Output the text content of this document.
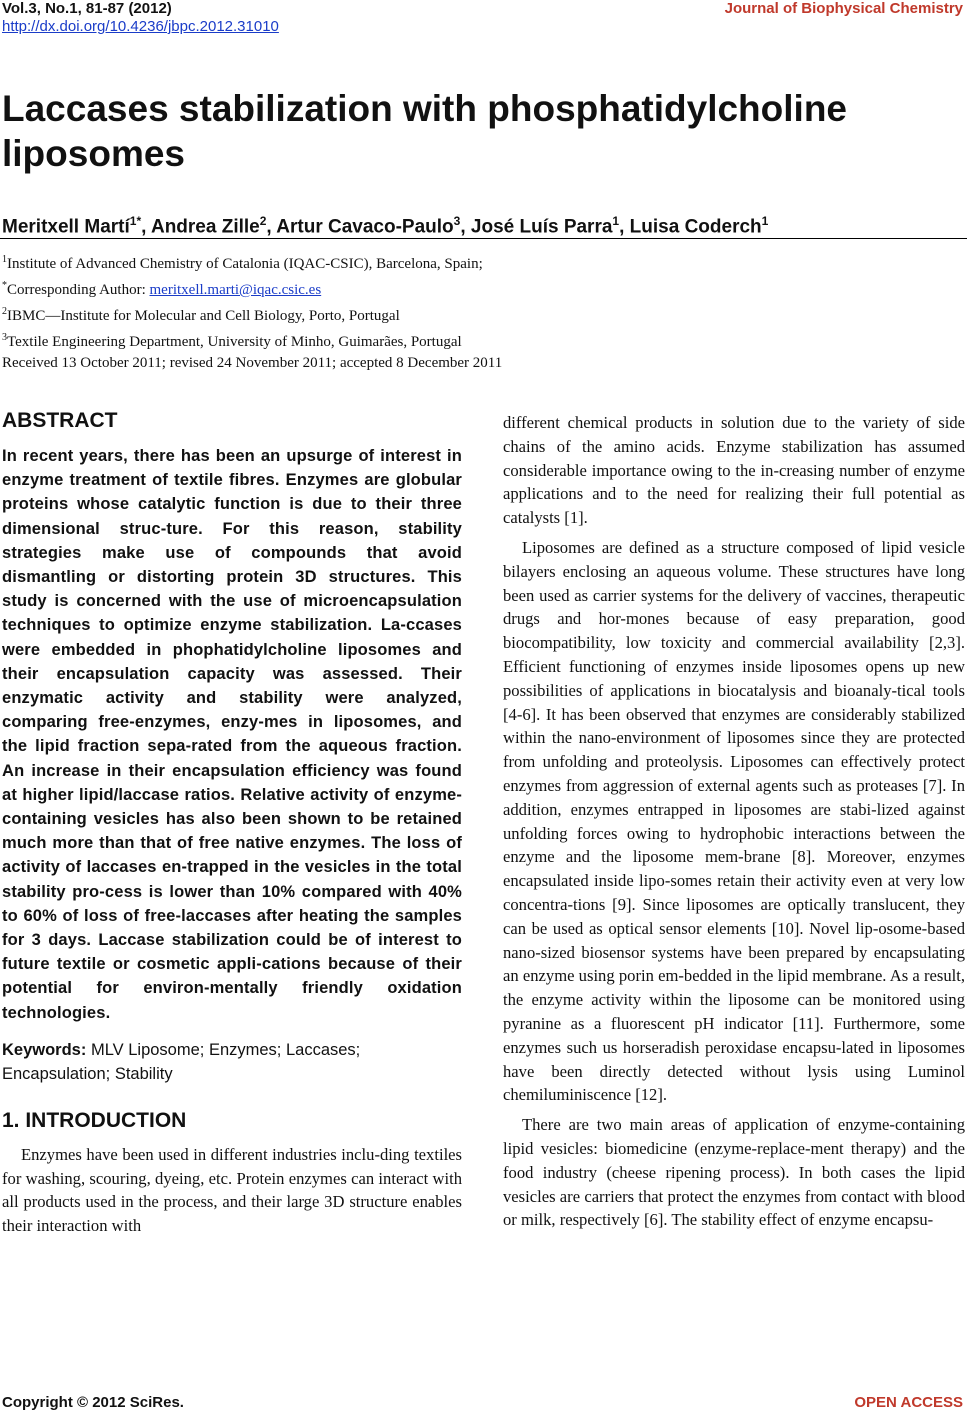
Vol.3, No.1, 81-87 (2012)
http://dx.doi.org/10.4236/jbpc.2012.31010
Journal of Biophysical Chemistry
Laccases stabilization with phosphatidylcholine liposomes
Meritxell Martí$^{1*}$, Andrea Zille$^2$, Artur Cavaco-Paulo$^3$, José Luís Parra$^1$, Luisa Coderch$^1$
$^1$Institute of Advanced Chemistry of Catalonia (IQAC-CSIC), Barcelona, Spain;
*Corresponding Author: meritxell.marti@iqac.csic.es
$^2$IBMC—Institute for Molecular and Cell Biology, Porto, Portugal
$^3$Textile Engineering Department, University of Minho, Guimarães, Portugal
Received 13 October 2011; revised 24 November 2011; accepted 8 December 2011
ABSTRACT

In recent years, there has been an upsurge of interest in enzyme treatment of textile fibres. Enzymes are globular proteins whose catalytic function is due to their three dimensional struc-ture. For this reason, stability strategies make use of compounds that avoid dismantling or distorting protein 3D structures. This study is concerned with the use of microencapsulation techniques to optimize enzyme stabilization. La-ccases were embedded in phophatidylcholine liposomes and their encapsulation capacity was assessed. Their enzymatic activity and stability were analyzed, comparing free-enzymes, enzy-mes in liposomes, and the lipid fraction sepa-rated from the aqueous fraction. An increase in their encapsulation efficiency was found at higher lipid/laccase ratios. Relative activity of enzyme-containing vesicles has also been shown to be retained much more than that of free native enzymes. The loss of activity of laccases en-trapped in the vesicles in the total stability pro-cess is lower than 10% compared with 40% to 60% of loss of free-laccases after heating the samples for 3 days. Laccase stabilization could be of interest to future textile or cosmetic appli-cations because of their potential for environ-mentally friendly oxidation technologies.

Keywords: MLV Liposome; Enzymes; Laccases; Encapsulation; Stability

1. INTRODUCTION

Enzymes have been used in different industries inclu-ding textiles for washing, scouring, dyeing, etc. Protein enzymes can interact with all products used in the process, and their large 3D structure enables their interaction with

different chemical products in solution due to the variety of side chains of the amino acids. Enzyme stabilization has assumed considerable importance owing to the in-creasing number of enzyme applications and to the need for realizing their full potential as catalysts [1].

Liposomes are defined as a structure composed of lipid vesicle bilayers enclosing an aqueous volume. These structures have long been used as carrier systems for the delivery of vaccines, therapeutic drugs and hor-mones because of easy preparation, good biocompatibility, low toxicity and commercial availability [2,3]. Efficient functioning of enzymes inside liposomes opens up new possibilities of applications in biocatalysis and bioanaly-tical tools [4-6]. It has been observed that enzymes are considerably stabilized within the nano-environment of liposomes since they are protected from unfolding and proteolysis. Liposomes can effectively protect enzymes from aggression of external agents such as proteases [7]. In addition, enzymes entrapped in liposomes are stabi-lized against unfolding forces owing to hydrophobic interactions between the enzyme and the liposome mem-brane [8]. Moreover, enzymes encapsulated inside lipo-somes retain their activity even at very low concentra-tions [9]. Since liposomes are optically translucent, they can be used as optical sensor elements [10]. Novel lip-osome-based nano-sized biosensor systems have been prepared by encapsulating an enzyme using porin em-bedded in the lipid membrane. As a result, the enzyme activity within the liposome can be monitored using pyranine as a fluorescent pH indicator [11]. Furthermore, some enzymes such us horseradish peroxidase encapsu-lated in liposomes have been directly detected without lysis using Luminol chemiluminiscence [12].

There are two main areas of application of enzyme-containing lipid vesicles: biomedicine (enzyme-replace-ment therapy) and the food industry (cheese ripening process). In both cases the lipid vesicles are carriers that protect the enzymes from contact with blood or milk, respectively [6]. The stability effect of enzyme encapsu-

Copyright © 2012 SciRes.	OPEN ACCESS
